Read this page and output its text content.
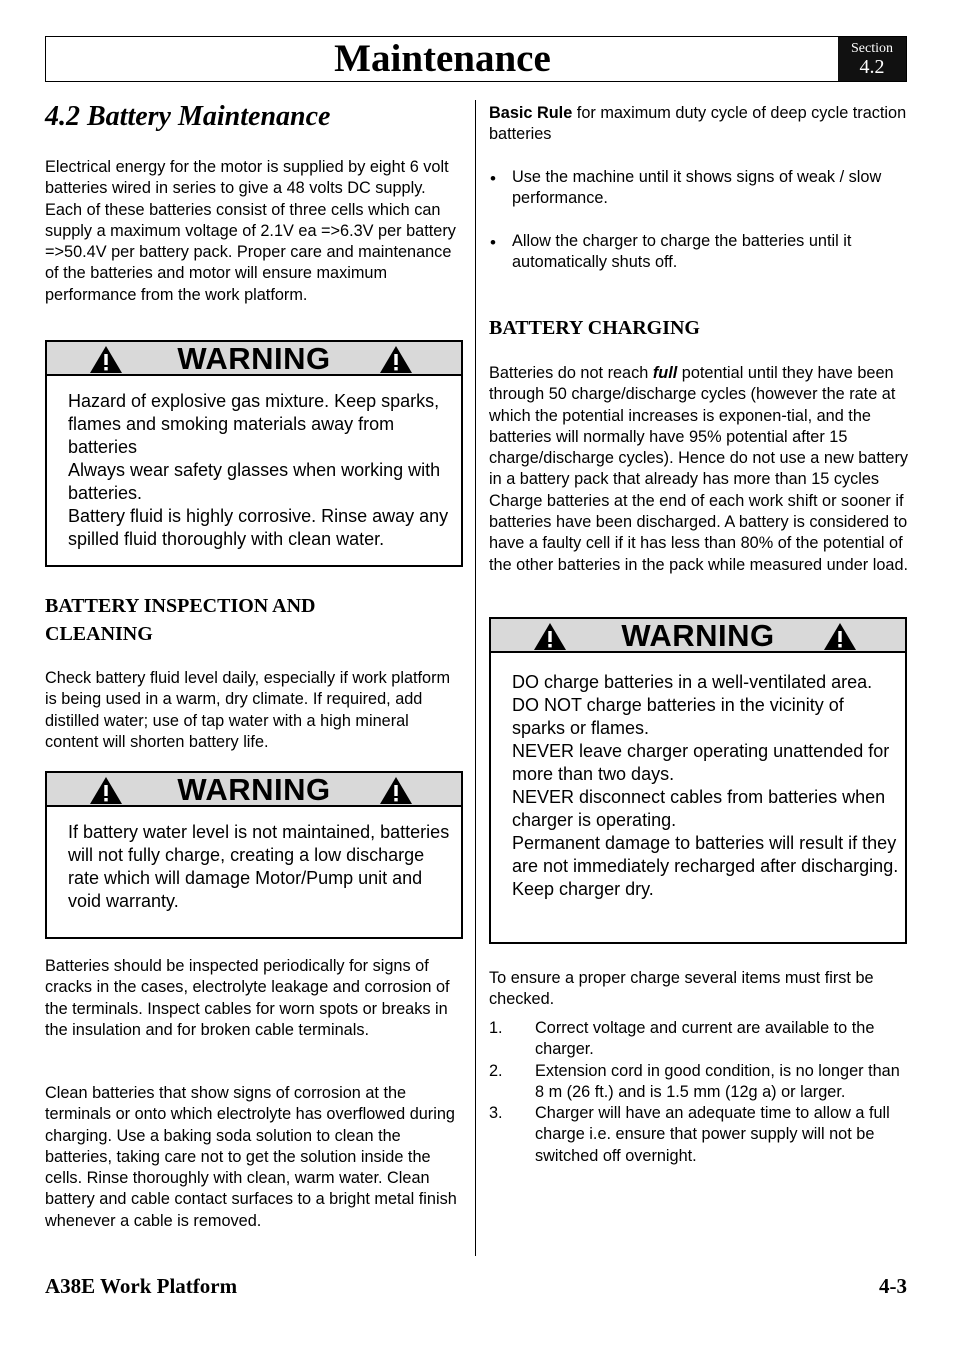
Maintenance	Section
4.2
4.2 Battery Maintenance

Electrical energy for the motor is supplied by eight 6 volt batteries wired in series to give a 48 volts DC supply. Each of these batteries consist of three cells which can supply a maximum voltage of 2.1V ea =>6.3V per battery =>50.4V per battery pack. Proper care and maintenance of the batteries and motor will ensure maximum performance from the work platform.

WARNING
Hazard of explosive gas mixture. Keep sparks, flames and smoking materials away from batteries
Always wear safety glasses when working with batteries.
Battery fluid is highly corrosive. Rinse away any spilled fluid thoroughly with clean water.
BATTERY INSPECTION AND CLEANING

Check battery fluid level daily, especially if work platform is being used in a warm, dry climate. If required, add distilled water; use of tap water with a high mineral content will shorten battery life.

WARNING
If battery water level is not maintained, batteries will not fully charge, creating a low discharge rate which will damage Motor/Pump unit and void warranty.

Batteries should be inspected periodically for signs of cracks in the cases, electrolyte leakage and corrosion of the terminals. Inspect cables for worn spots or breaks in the insulation and for broken cable terminals.

Clean batteries that show signs of corrosion at the terminals or onto which electrolyte has overflowed during charging. Use a baking soda solution to clean the batteries, taking care not to get the solution inside the cells. Rinse thoroughly with clean, warm water. Clean battery and cable contact surfaces to a bright metal finish whenever a cable is removed.

Basic Rule for maximum duty cycle of deep cycle traction batteries

• Use the machine until it shows signs of weak / slow performance.
• Allow the charger to charge the batteries until it automatically shuts off.
BATTERY CHARGING

Batteries do not reach full potential until they have been through 50 charge/discharge cycles (however the rate at which the potential increases is exponen-tial, and the batteries will normally have 95% potential after 15 charge/discharge cycles). Hence do not use a new battery in a battery pack that already has more than 15 cycles Charge batteries at the end of each work shift or sooner if batteries have been discharged. A battery is considered to have a faulty cell if it has less than 80% of the potential of the other batteries in the pack while measured under load.

WARNING
DO charge batteries in a well-ventilated area.
DO NOT charge batteries in the vicinity of sparks or flames.
NEVER leave charger operating unattended for more than two days.
NEVER disconnect cables from batteries when charger is operating.
Permanent damage to batteries will result if they are not immediately recharged after discharging.
Keep charger dry.

To ensure a proper charge several items must first be checked.

1. Correct voltage and current are available to the charger.
2. Extension cord in good condition, is no longer than 8 m (26 ft.) and is 1.5 mm (12g a) or larger.
3. Charger will have an adequate time to allow a full charge i.e. ensure that power supply will not be switched off overnight.
A38E Work Platform	4-3
